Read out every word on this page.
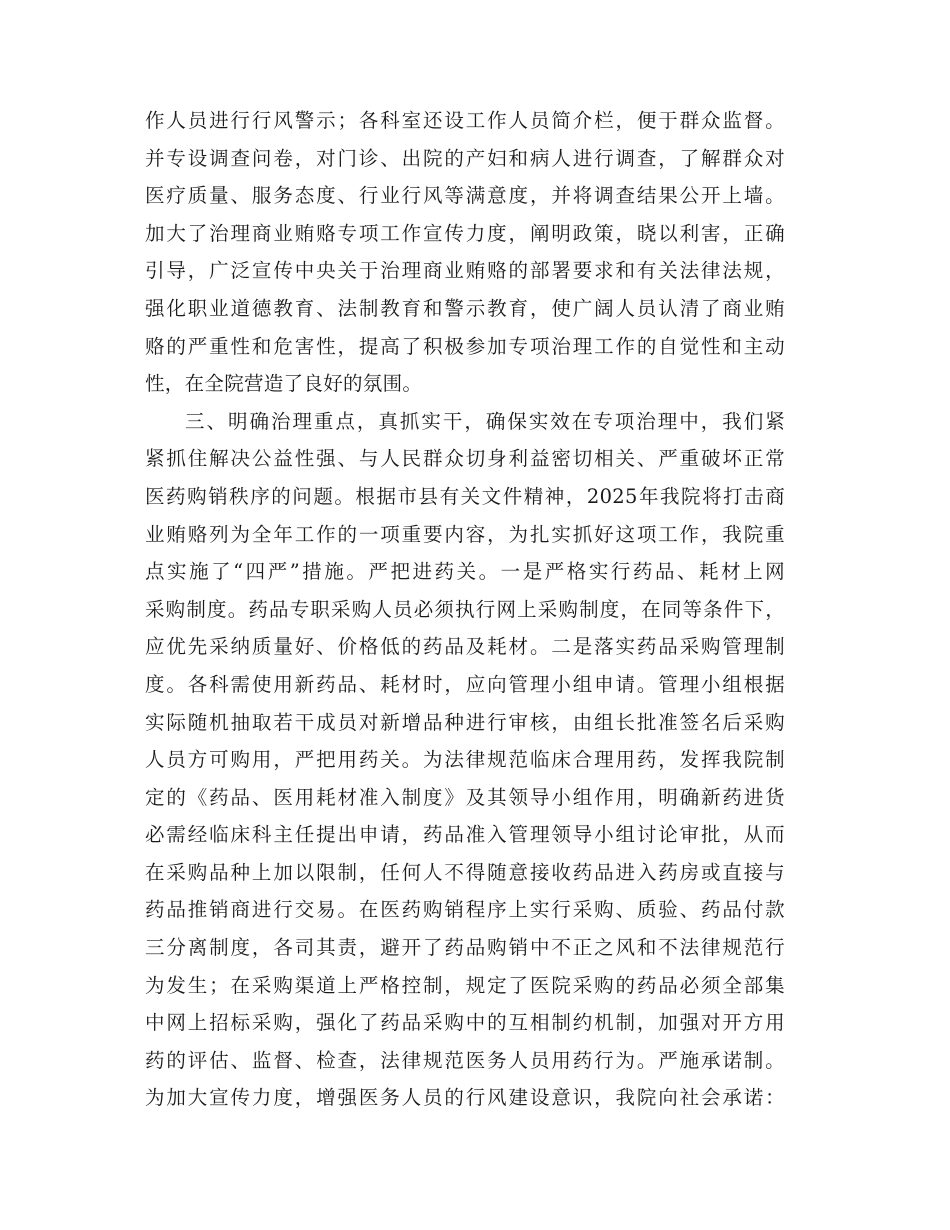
作人员进行行风警示；各科室还设工作人员简介栏，便于群众监督。
并专设调查问卷，对门诊、出院的产妇和病人进行调查，了解群众对
医疗质量、服务态度、行业行风等满意度，并将调查结果公开上墙。
加大了治理商业贿赂专项工作宣传力度，阐明政策，晓以利害，正确
引导，广泛宣传中央关于治理商业贿赂的部署要求和有关法律法规，
强化职业道德教育、法制教育和警示教育，使广阔人员认清了商业贿
赂的严重性和危害性，提高了积极参加专项治理工作的自觉性和主动
性，在全院营造了良好的氛围。
三、明确治理重点，真抓实干，确保实效在专项治理中，我们紧
紧抓住解决公益性强、与人民群众切身利益密切相关、严重破坏正常
医药购销秩序的问题。根据市县有关文件精神，2025年我院将打击商
业贿赂列为全年工作的一项重要内容，为扎实抓好这项工作，我院重
点实施了“四严”措施。严把进药关。一是严格实行药品、耗材上网
采购制度。药品专职采购人员必须执行网上采购制度，在同等条件下，
应优先采纳质量好、价格低的药品及耗材。二是落实药品采购管理制
度。各科需使用新药品、耗材时，应向管理小组申请。管理小组根据
实际随机抽取若干成员对新增品种进行审核，由组长批准签名后采购
人员方可购用，严把用药关。为法律规范临床合理用药，发挥我院制
定的《药品、医用耗材准入制度》及其领导小组作用，明确新药进货
必需经临床科主任提出申请，药品准入管理领导小组讨论审批，从而
在采购品种上加以限制，任何人不得随意接收药品进入药房或直接与
药品推销商进行交易。在医药购销程序上实行采购、质验、药品付款
三分离制度，各司其责，避开了药品购销中不正之风和不法律规范行
为发生；在采购渠道上严格控制，规定了医院采购的药品必须全部集
中网上招标采购，强化了药品采购中的互相制约机制，加强对开方用
药的评估、监督、检查，法律规范医务人员用药行为。严施承诺制。
为加大宣传力度，增强医务人员的行风建设意识，我院向社会承诺：
